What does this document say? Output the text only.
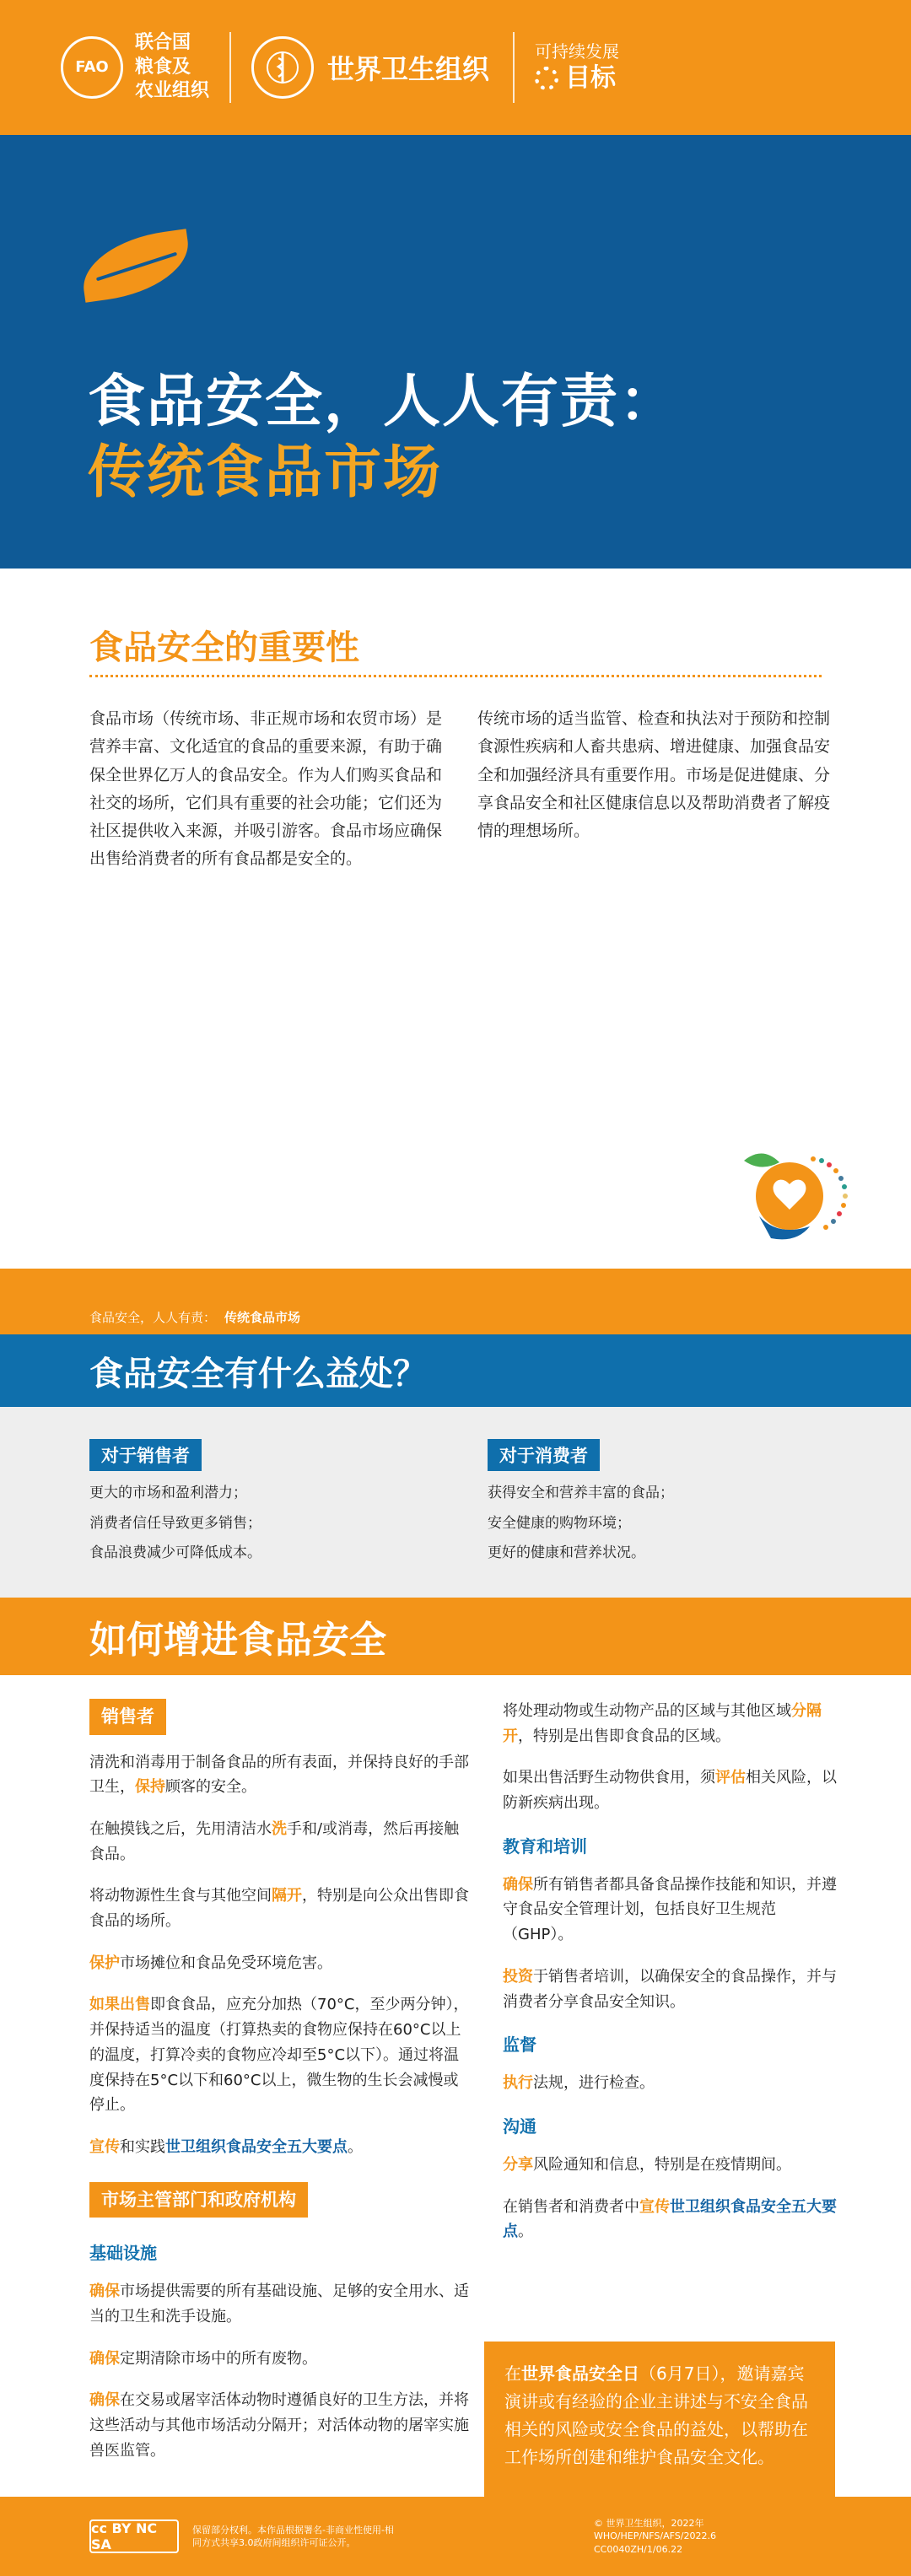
FAO
联合国
粮食及
农业组织
世界卫生组织
可持续发展
目标
食品安全，人人有责：
传统食品市场
食品安全的重要性
食品市场（传统市场、非正规市场和农贸市场）是营养丰富、文化适宜的食品的重要来源，有助于确保全世界亿万人的食品安全。作为人们购买食品和社交的场所，它们具有重要的社会功能；它们还为社区提供收入来源，并吸引游客。食品市场应确保出售给消费者的所有食品都是安全的。
传统市场的适当监管、检查和执法对于预防和控制食源性疾病和人畜共患病、增进健康、加强食品安全和加强经济具有重要作用。市场是促进健康、分享食品安全和社区健康信息以及帮助消费者了解疫情的理想场所。
食品安全，人人有责： 传统食品市场
食品安全有什么益处？
对于销售者
更大的市场和盈利潜力；
消费者信任导致更多销售；
食品浪费减少可降低成本。
对于消费者
获得安全和营养丰富的食品；
安全健康的购物环境；
更好的健康和营养状况。
如何增进食品安全
销售者

清洗和消毒用于制备食品的所有表面，并保持良好的手部卫生，保持顾客的安全。

在触摸钱之后，先用清洁水洗手和/或消毒，然后再接触食品。

将动物源性生食与其他空间隔开，特别是向公众出售即食食品的场所。

保护市场摊位和食品免受环境危害。

如果出售即食食品，应充分加热（70°C，至少两分钟），并保持适当的温度（打算热卖的食物应保持在60°C以上的温度，打算冷卖的食物应冷却至5°C以下）。通过将温度保持在5°C以下和60°C以上，微生物的生长会减慢或停止。

宣传和实践世卫组织食品安全五大要点。

市场主管部门和政府机构
基础设施

确保市场提供需要的所有基础设施、足够的安全用水、适当的卫生和洗手设施。

确保定期清除市场中的所有废物。

确保在交易或屠宰活体动物时遵循良好的卫生方法，并将这些活动与其他市场活动分隔开；对活体动物的屠宰实施兽医监管。

将处理动物或生动物产品的区域与其他区域分隔开，特别是出售即食食品的区域。

如果出售活野生动物供食用，须评估相关风险，以防新疾病出现。

教育和培训

确保所有销售者都具备食品操作技能和知识，并遵守食品安全管理计划，包括良好卫生规范（GHP）。

投资于销售者培训，以确保安全的食品操作，并与消费者分享食品安全知识。

监督

执行法规，进行检查。

沟通

分享风险通知和信息，特别是在疫情期间。

在销售者和消费者中宣传世卫组织食品安全五大要点。

在世界食品安全日（6月7日），邀请嘉宾演讲或有经验的企业主讲述与不安全食品相关的风险或安全食品的益处，以帮助在工作场所创建和维护食品安全文化。
cc BY NC SA
保留部分权利。本作品根据署名-非商业性使用-相同方式共享3.0政府间组织许可证公开。
© 世界卫生组织，2022年
WHO/HEP/NFS/AFS/2022.6
CC0040ZH/1/06.22
